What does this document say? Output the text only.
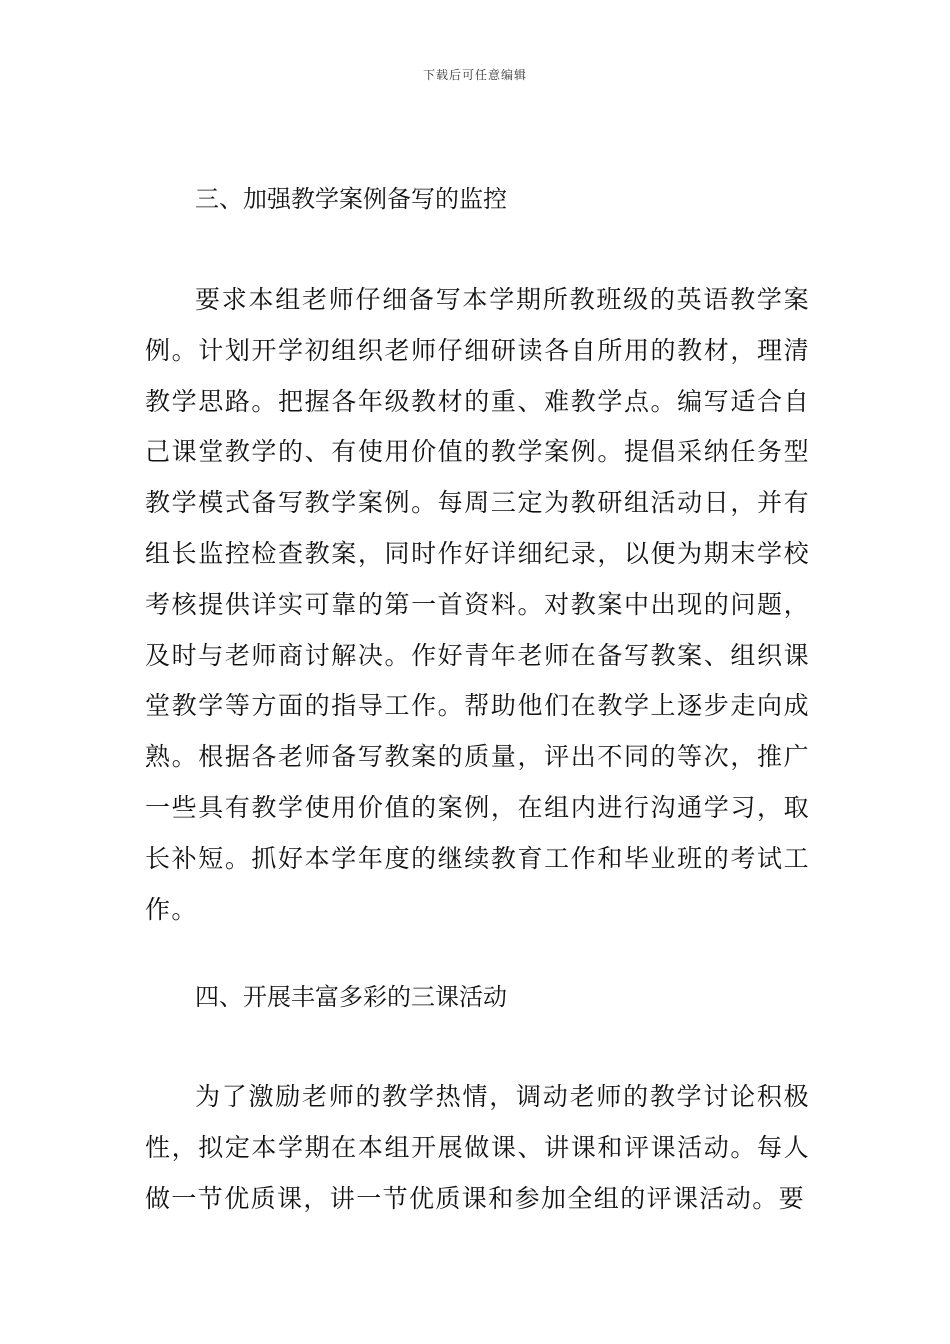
下载后可任意编辑
三、加强教学案例备写的监控
要求本组老师仔细备写本学期所教班级的英语教学案例。计划开学初组织老师仔细研读各自所用的教材，理清教学思路。把握各年级教材的重、难教学点。编写适合自己课堂教学的、有使用价值的教学案例。提倡采纳任务型教学模式备写教学案例。每周三定为教研组活动日，并有组长监控检查教案，同时作好详细纪录，以便为期末学校考核提供详实可靠的第一首资料。对教案中出现的问题，及时与老师商讨解决。作好青年老师在备写教案、组织课堂教学等方面的指导工作。帮助他们在教学上逐步走向成熟。根据各老师备写教案的质量，评出不同的等次，推广一些具有教学使用价值的案例，在组内进行沟通学习，取长补短。抓好本学年度的继续教育工作和毕业班的考试工作。
四、开展丰富多彩的三课活动
为了激励老师的教学热情，调动老师的教学讨论积极性，拟定本学期在本组开展做课、讲课和评课活动。每人做一节优质课，讲一节优质课和参加全组的评课活动。要
